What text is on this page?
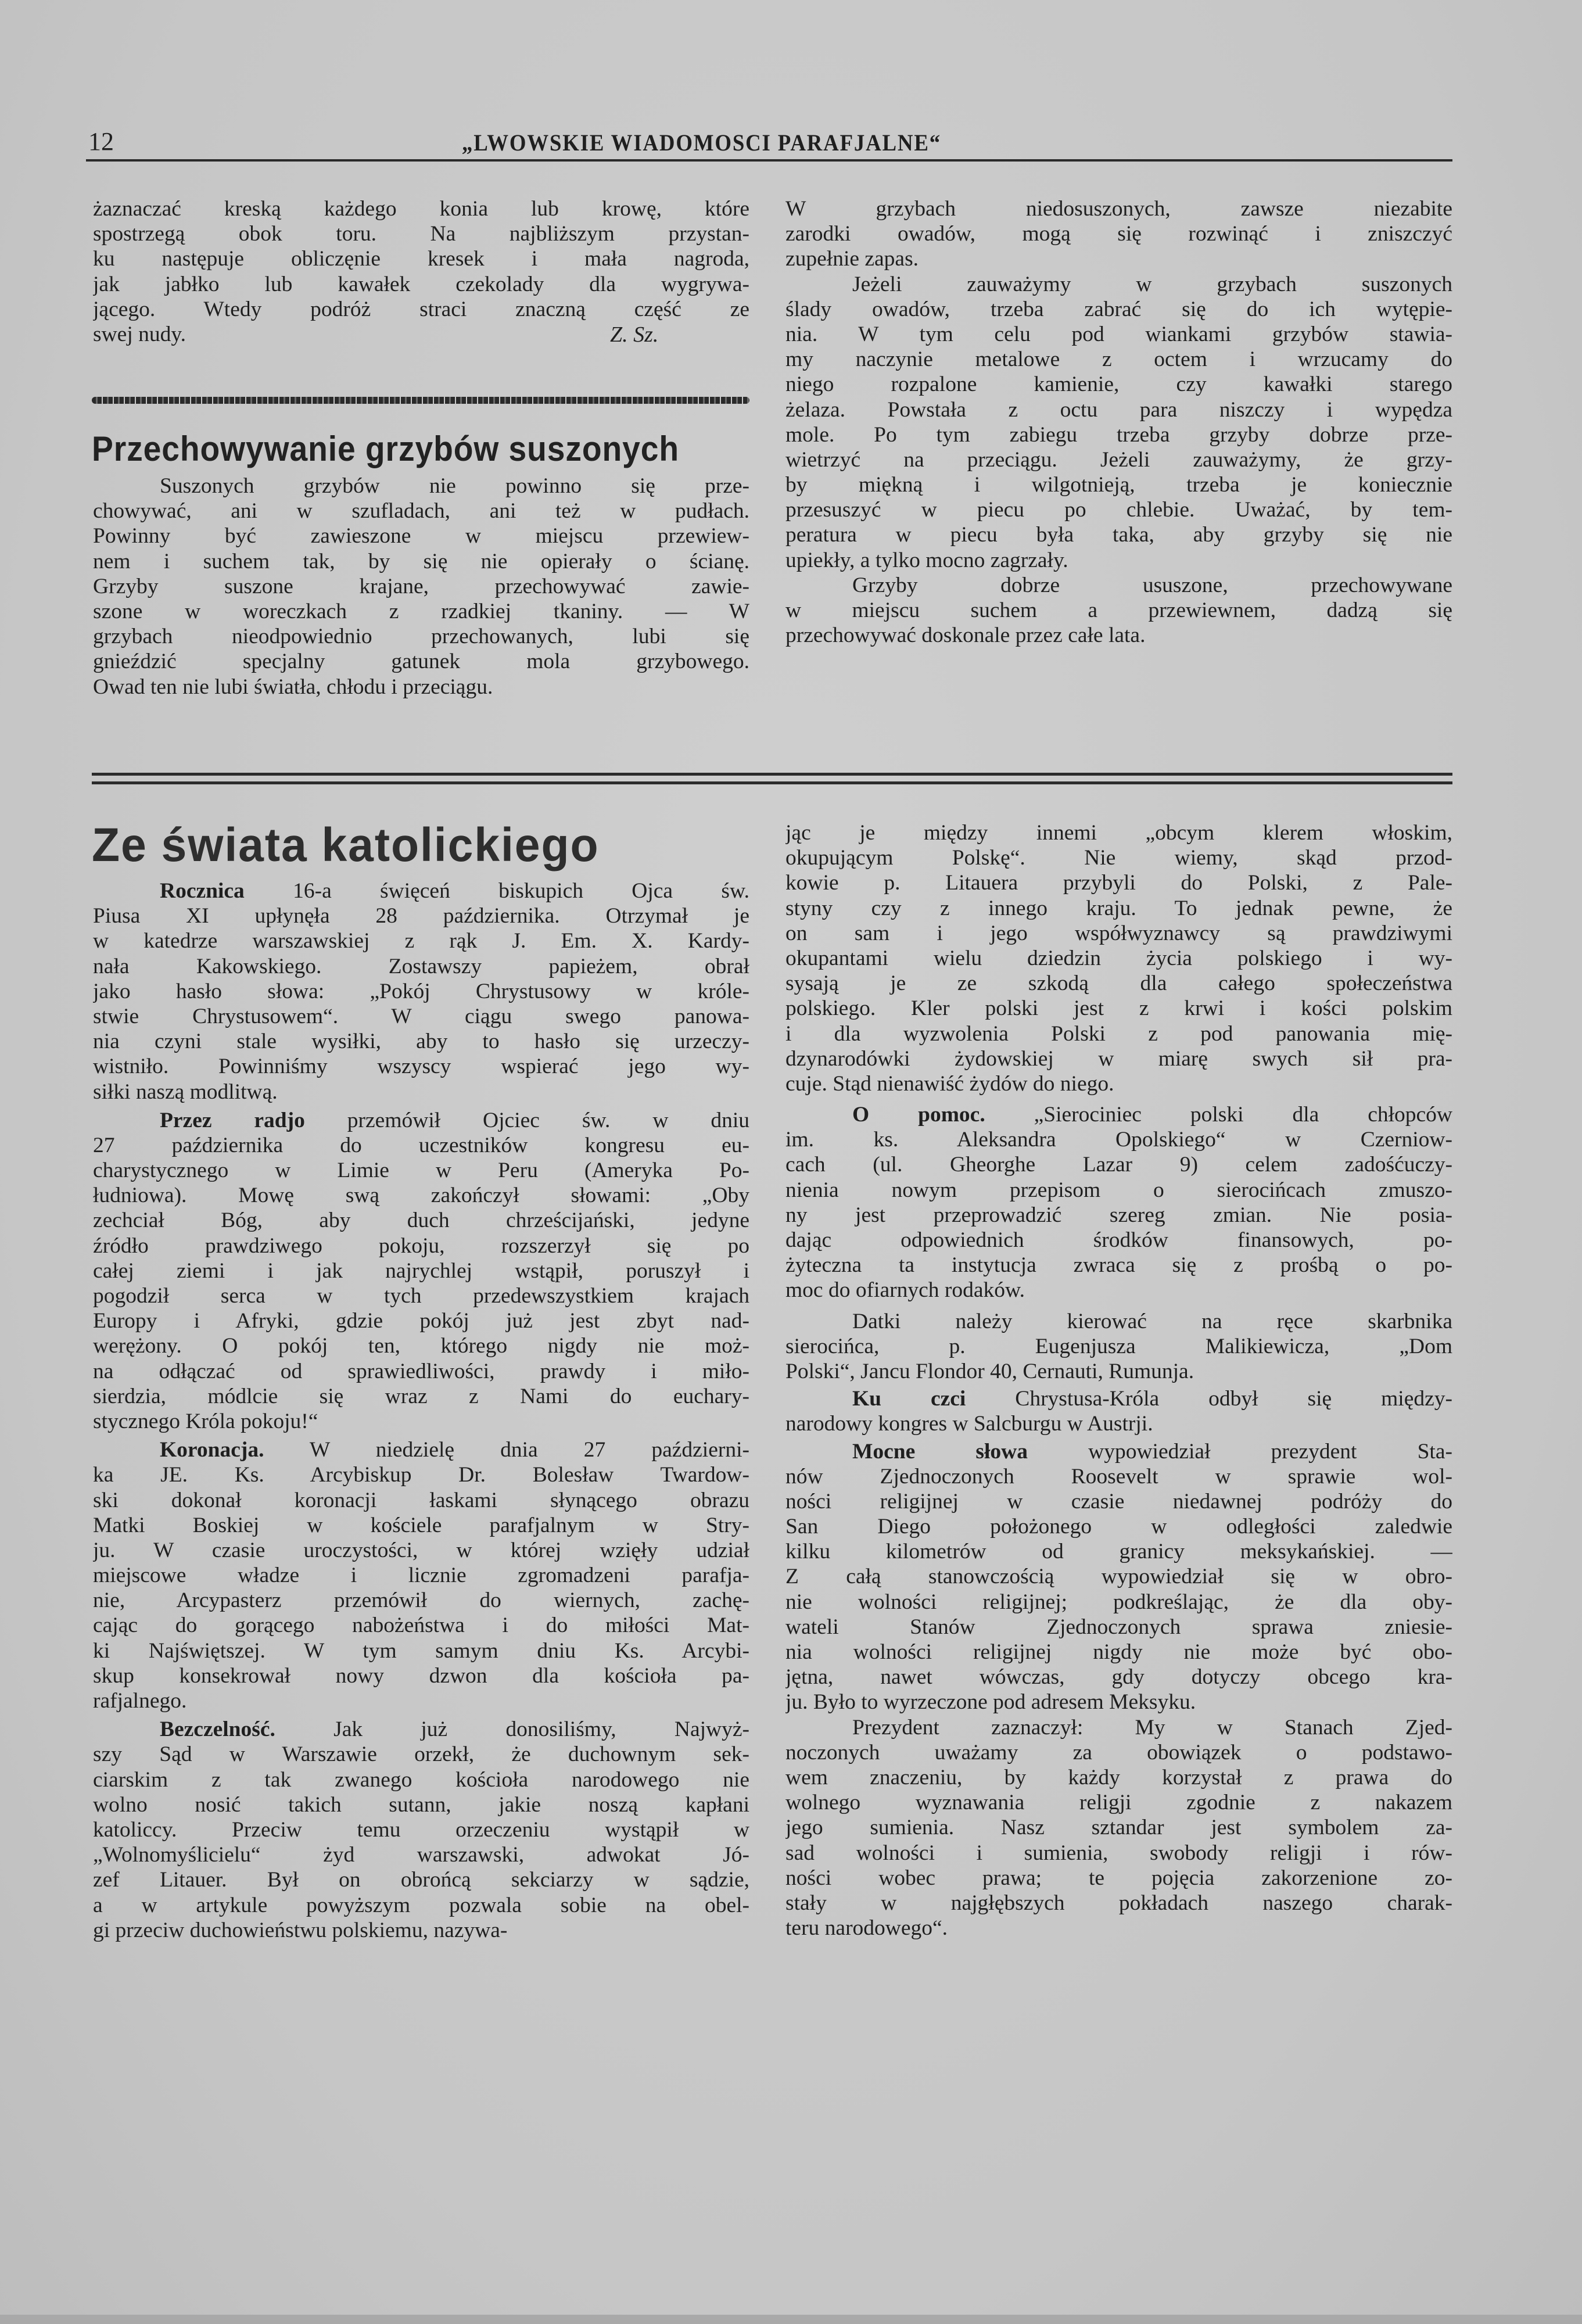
12	„LWOWSKIE WIADOMOSCI PARAFJALNE“
żaznaczać kreską każdego konia lub krowę, które
spostrzegą obok toru. Na najbliższym przystan-
ku następuje obliczęnie kresek i mała nagroda,
jak jabłko lub kawałek czekolady dla wygrywa-
jącego. Wtedy podróż straci znaczną część ze
swej nudy.	Z. Sz.
Przechowywanie grzybów suszonych
Suszonych grzybów nie powinno się prze-
chowywać, ani w szufladach, ani też w pudłach.
Powinny być zawieszone w miejscu przewiew-
nem i suchem tak, by się nie opierały o ścianę.
Grzyby suszone krajane, przechowywać zawie-
szone w woreczkach z rzadkiej tkaniny. — W
grzybach nieodpowiednio przechowanych, lubi się
gnieździć specjalny gatunek mola grzybowego.
Owad ten nie lubi światła, chłodu i przeciągu.
W grzybach niedosuszonych, zawsze niezabite
zarodki owadów, mogą się rozwinąć i zniszczyć
zupełnie zapas.
Jeżeli zauważymy w grzybach suszonych
ślady owadów, trzeba zabrać się do ich wytępie-
nia. W tym celu pod wiankami grzybów stawia-
my naczynie metalowe z octem i wrzucamy do
niego rozpalone kamienie, czy kawałki starego
żelaza. Powstała z octu para niszczy i wypędza
mole. Po tym zabiegu trzeba grzyby dobrze prze-
wietrzyć na przeciągu. Jeżeli zauważymy, że grzy-
by miękną i wilgotnieją, trzeba je koniecznie
przesuszyć w piecu po chlebie. Uważać, by tem-
peratura w piecu była taka, aby grzyby się nie
upiekły, a tylko mocno zagrzały.
Grzyby dobrze ususzone, przechowywane
w miejscu suchem a przewiewnem, dadzą się
przechowywać doskonale przez całe lata.
Ze świata katolickiego
Rocznica 16-a święceń biskupich Ojca św.
Piusa XI upłynęła 28 października. Otrzymał je
w katedrze warszawskiej z rąk J. Em. X. Kardy-
nała Kakowskiego. Zostawszy papieżem, obrał
jako hasło słowa: „Pokój Chrystusowy w króle-
stwie Chrystusowem“. W ciągu swego panowa-
nia czyni stale wysiłki, aby to hasło się urzeczy-
wistniło. Powinniśmy wszyscy wspierać jego wy-
siłki naszą modlitwą.
Przez radjo przemówił Ojciec św. w dniu
27 października do uczestników kongresu eu-
charystycznego w Limie w Peru (Ameryka Po-
łudniowa). Mowę swą zakończył słowami: „Oby
zechciał Bóg, aby duch chrześcijański, jedyne
źródło prawdziwego pokoju, rozszerzył się po
całej ziemi i jak najrychlej wstąpił, poruszył i
pogodził serca w tych przedewszystkiem krajach
Europy i Afryki, gdzie pokój już jest zbyt nad-
werężony. O pokój ten, którego nigdy nie moż-
na odłączać od sprawiedliwości, prawdy i miło-
sierdzia, módlcie się wraz z Nami do euchary-
stycznego Króla pokoju!“
Koronacja. W niedzielę dnia 27 październi-
ka JE. Ks. Arcybiskup Dr. Bolesław Twardow-
ski dokonał koronacji łaskami słynącego obrazu
Matki Boskiej w kościele parafjalnym w Stry-
ju. W czasie uroczystości, w której wzięły udział
miejscowe władze i licznie zgromadzeni parafja-
nie, Arcypasterz przemówił do wiernych, zachę-
cając do gorącego nabożeństwa i do miłości Mat-
ki Najświętszej. W tym samym dniu Ks. Arcybi-
skup konsekrował nowy dzwon dla kościoła pa-
rafjalnego.
Bezczelność. Jak już donosiliśmy, Najwyż-
szy Sąd w Warszawie orzekł, że duchownym sek-
ciarskim z tak zwanego kościoła narodowego nie
wolno nosić takich sutann, jakie noszą kapłani
katoliccy. Przeciw temu orzeczeniu wystąpił w
„Wolnomyślicielu“ żyd warszawski, adwokat Jó-
zef Litauer. Był on obrońcą sekciarzy w sądzie,
a w artykule powyższym pozwala sobie na obel-
gi przeciw duchowieństwu polskiemu, nazywa-
jąc je między innemi „obcym klerem włoskim,
okupującym Polskę“. Nie wiemy, skąd przod-
kowie p. Litauera przybyli do Polski, z Pale-
styny czy z innego kraju. To jednak pewne, że
on sam i jego współwyznawcy są prawdziwymi
okupantami wielu dziedzin życia polskiego i wy-
sysają je ze szkodą dla całego społeczeństwa
polskiego. Kler polski jest z krwi i kości polskim
i dla wyzwolenia Polski z pod panowania mię-
dzynarodówki żydowskiej w miarę swych sił pra-
cuje. Stąd nienawiść żydów do niego.
O pomoc. „Sierociniec polski dla chłopców
im. ks. Aleksandra Opolskiego“ w Czerniow-
cach (ul. Gheorghe Lazar 9) celem zadośćuczy-
nienia nowym przepisom o sierocińcach zmuszo-
ny jest przeprowadzić szereg zmian. Nie posia-
dając odpowiednich środków finansowych, po-
żyteczna ta instytucja zwraca się z prośbą o po-
moc do ofiarnych rodaków.
Datki należy kierować na ręce skarbnika
sierocińca, p. Eugenjusza Malikiewicza, „Dom
Polski“, Jancu Flondor 40, Cernauti, Rumunja.
Ku czci Chrystusa-Króla odbył się między-
narodowy kongres w Salcburgu w Austrji.
Mocne słowa wypowiedział prezydent Sta-
nów Zjednoczonych Roosevelt w sprawie wol-
ności religijnej w czasie niedawnej podróży do
San Diego położonego w odległości zaledwie
kilku kilometrów od granicy meksykańskiej. —
Z całą stanowczością wypowiedział się w obro-
nie wolności religijnej; podkreślając, że dla oby-
wateli Stanów Zjednoczonych sprawa zniesie-
nia wolności religijnej nigdy nie może być obo-
jętna, nawet wówczas, gdy dotyczy obcego kra-
ju. Było to wyrzeczone pod adresem Meksyku.
Prezydent zaznaczył: My w Stanach Zjed-
noczonych uważamy za obowiązek o podstawo-
wem znaczeniu, by każdy korzystał z prawa do
wolnego wyznawania religji zgodnie z nakazem
jego sumienia. Nasz sztandar jest symbolem za-
sad wolności i sumienia, swobody religji i rów-
ności wobec prawa; te pojęcia zakorzenione zo-
stały w najgłębszych pokładach naszego charak-
teru narodowego“.
